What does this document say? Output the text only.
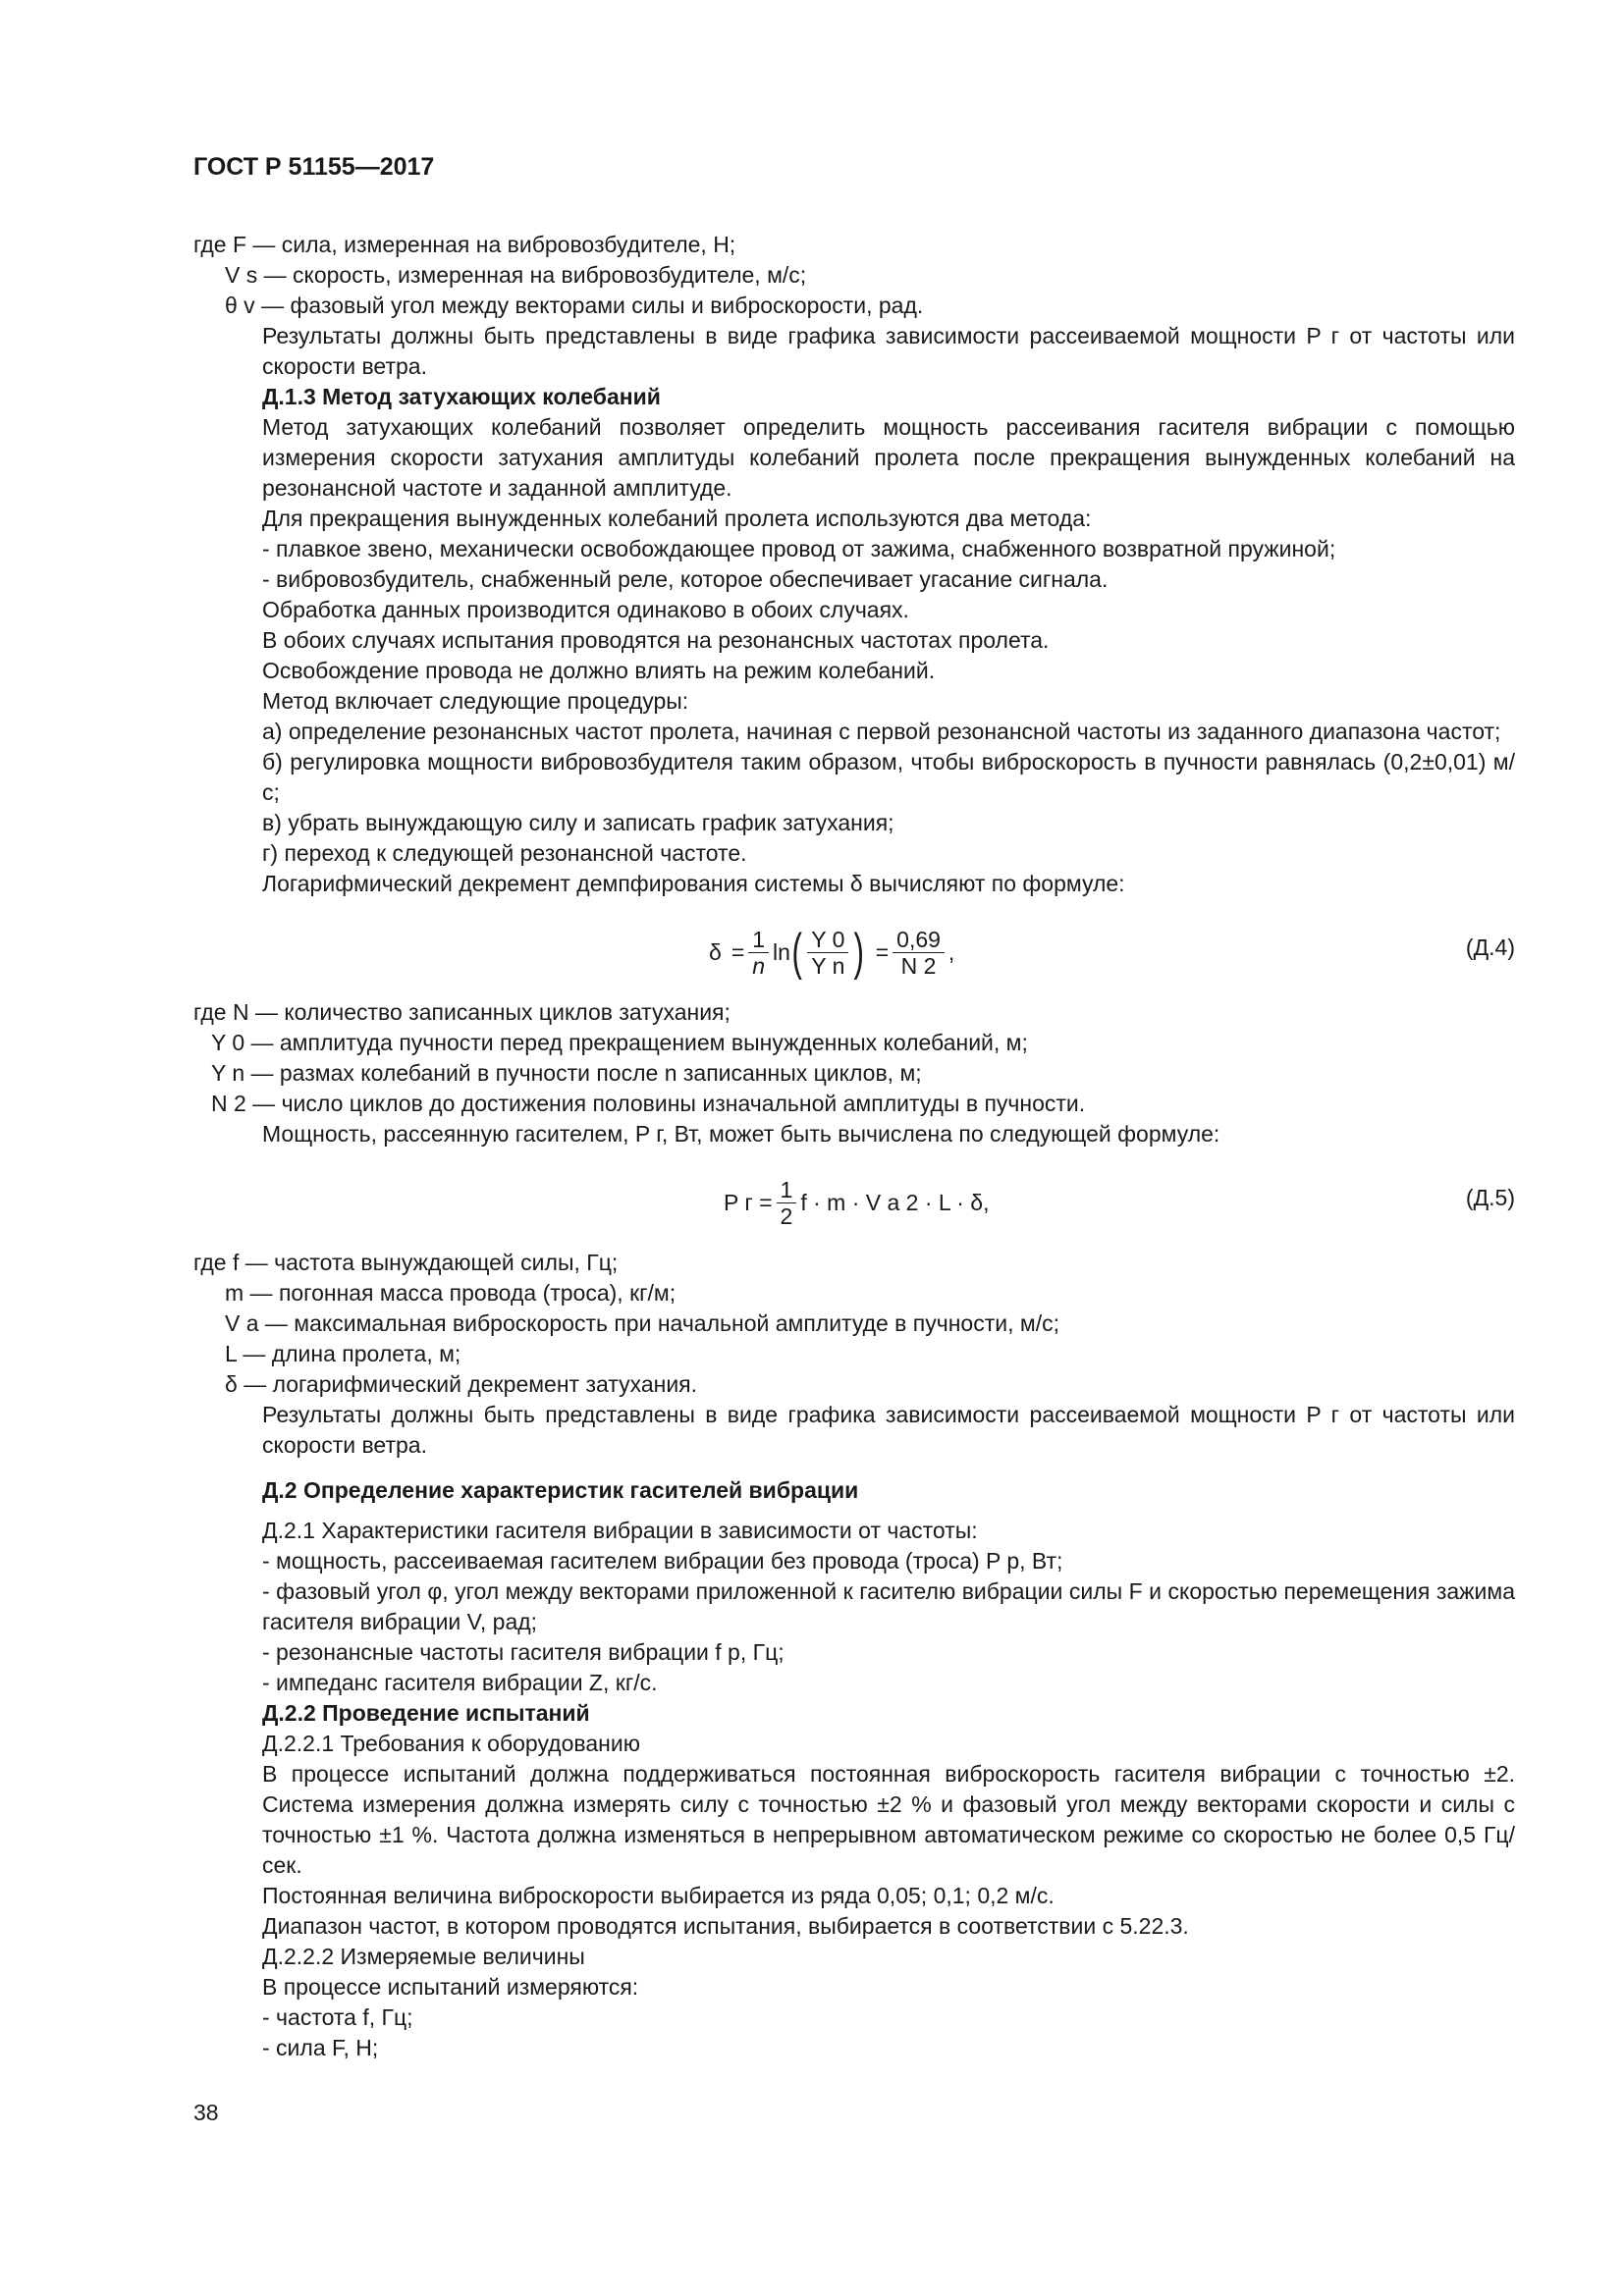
ГОСТ Р 51155—2017

где F — сила, измеренная на вибровозбудителе, Н;

V s — скорость, измеренная на вибровозбудителе, м/с;

θ v — фазовый угол между векторами силы и виброскорости, рад.

Результаты должны быть представлены в виде графика зависимости рассеиваемой мощности P г от частоты или скорости ветра.

Д.1.3 Метод затухающих колебаний

Метод затухающих колебаний позволяет определить мощность рассеивания гасителя вибрации с помощью измерения скорости затухания амплитуды колебаний пролета после прекращения вынужденных колебаний на резонансной частоте и заданной амплитуде.

Для прекращения вынужденных колебаний пролета используются два метода:

- плавкое звено, механически освобождающее провод от зажима, снабженного возвратной пружиной;

- вибровозбудитель, снабженный реле, которое обеспечивает угасание сигнала.

Обработка данных производится одинаково в обоих случаях.

В обоих случаях испытания проводятся на резонансных частотах пролета.

Освобождение провода не должно влиять на режим колебаний.

Метод включает следующие процедуры:

а) определение резонансных частот пролета, начиная с первой резонансной частоты из заданного диапазона частот;

б) регулировка мощности вибровозбудителя таким образом, чтобы виброскорость в пучности равнялась (0,2±0,01) м/с;

в) убрать вынуждающую силу и записать график затухания;

г) переход к следующей резонансной частоте.

Логарифмический декремент демпфирования системы δ вычисляют по формуле:

$\delta = \frac{1}{n}$ ln ( $\frac{Y 0}{\text{Y n}}$ ) = $\frac{0,69}{N 2}$ ,	(Д.4)

где N — количество записанных циклов затухания;

Y 0 — амплитуда пучности перед прекращением вынужденных колебаний, м;

Y n — размах колебаний в пучности после n записанных циклов, м;

N 2 — число циклов до достижения половины изначальной амплитуды в пучности.

Мощность, рассеянную гасителем, P г, Вт, может быть вычислена по следующей формуле:

P $г = \frac{1}{2}$ f · m · V a 2 · L · δ,	(Д.5)

где f — частота вынуждающей силы, Гц;

m — погонная масса провода (троса), кг/м;

V a — максимальная виброскорость при начальной амплитуде в пучности, м/с;

L — длина пролета, м;

δ — логарифмический декремент затухания.

Результаты должны быть представлены в виде графика зависимости рассеиваемой мощности P г от частоты или скорости ветра.

Д.2 Определение характеристик гасителей вибрации

Д.2.1 Характеристики гасителя вибрации в зависимости от частоты:

- мощность, рассеиваемая гасителем вибрации без провода (троса) P р, Вт;

- фазовый угол φ, угол между векторами приложенной к гасителю вибрации силы F и скоростью перемещения зажима гасителя вибрации V, рад;

- резонансные частоты гасителя вибрации f р, Гц;

- импеданс гасителя вибрации Z, кг/с.

Д.2.2 Проведение испытаний

Д.2.2.1 Требования к оборудованию

В процессе испытаний должна поддерживаться постоянная виброскорость гасителя вибрации с точностью ±2. Система измерения должна измерять силу с точностью ±2 % и фазовый угол между векторами скорости и силы с точностью ±1 %. Частота должна изменяться в непрерывном автоматическом режиме со скоростью не более 0,5 Гц/сек.

Постоянная величина виброскорости выбирается из ряда 0,05; 0,1; 0,2 м/с.

Диапазон частот, в котором проводятся испытания, выбирается в соответствии с 5.22.3.

Д.2.2.2 Измеряемые величины

В процессе испытаний измеряются:

- частота f, Гц;

- сила F, Н;

38
